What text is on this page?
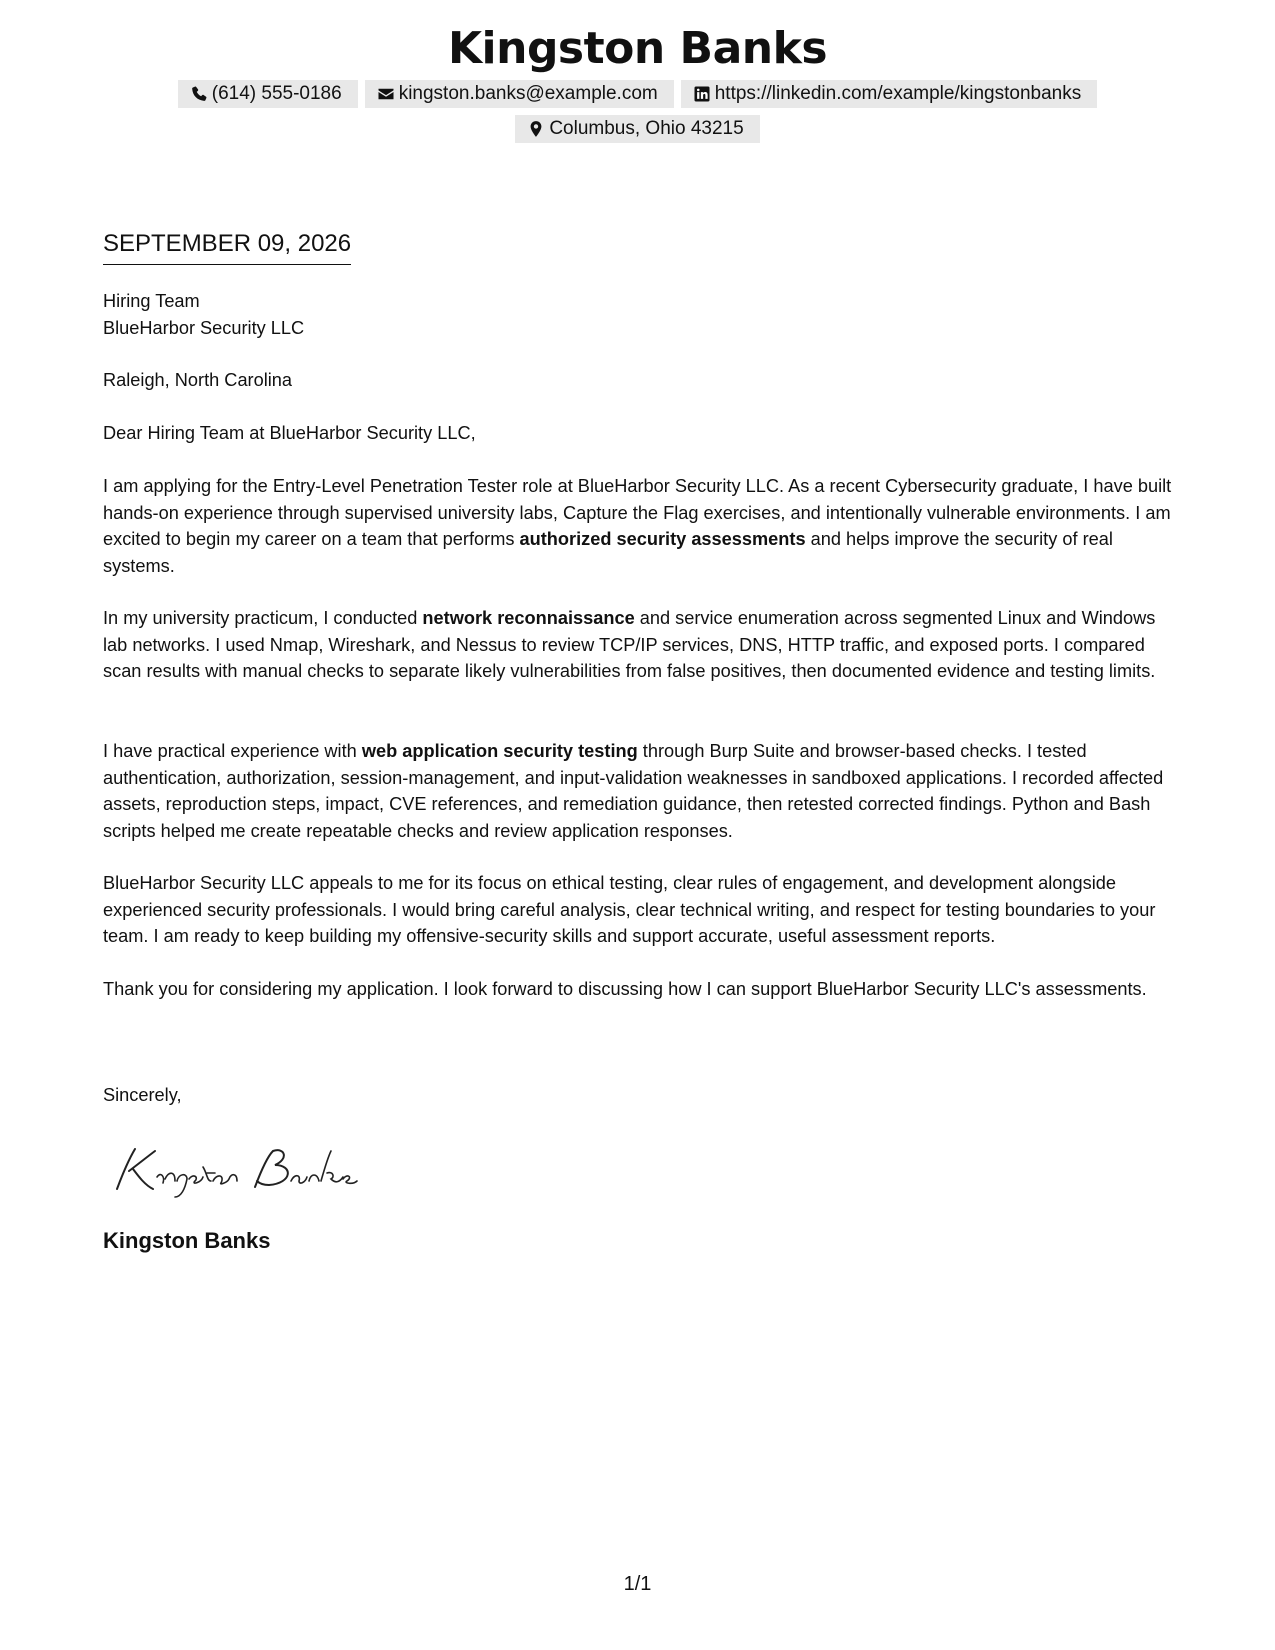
Kingston Banks
(614) 555-0186	kingston.banks@example.com	https://linkedin.com/example/kingstonbanks
Columbus, Ohio 43215
SEPTEMBER 09, 2026

Hiring Team

BlueHarbor Security LLC

Raleigh, North Carolina

Dear Hiring Team at BlueHarbor Security LLC,

I am applying for the Entry-Level Penetration Tester role at BlueHarbor Security LLC. As a recent Cybersecurity graduate, I have built hands-on experience through supervised university labs, Capture the Flag exercises, and intentionally vulnerable environments. I am excited to begin my career on a team that performs authorized security assessments and helps improve the security of real systems.

In my university practicum, I conducted network reconnaissance and service enumeration across segmented Linux and Windows lab networks. I used Nmap, Wireshark, and Nessus to review TCP/IP services, DNS, HTTP traffic, and exposed ports. I compared scan results with manual checks to separate likely vulnerabilities from false positives, then documented evidence and testing limits.

I have practical experience with web application security testing through Burp Suite and browser-based checks. I tested authentication, authorization, session-management, and input-validation weaknesses in sandboxed applications. I recorded affected assets, reproduction steps, impact, CVE references, and remediation guidance, then retested corrected findings. Python and Bash scripts helped me create repeatable checks and review application responses.

BlueHarbor Security LLC appeals to me for its focus on ethical testing, clear rules of engagement, and development alongside experienced security professionals. I would bring careful analysis, clear technical writing, and respect for testing boundaries to your team. I am ready to keep building my offensive-security skills and support accurate, useful assessment reports.

Thank you for considering my application. I look forward to discussing how I can support BlueHarbor Security LLC's assessments.

Sincerely,

Kingston Banks
1/1
